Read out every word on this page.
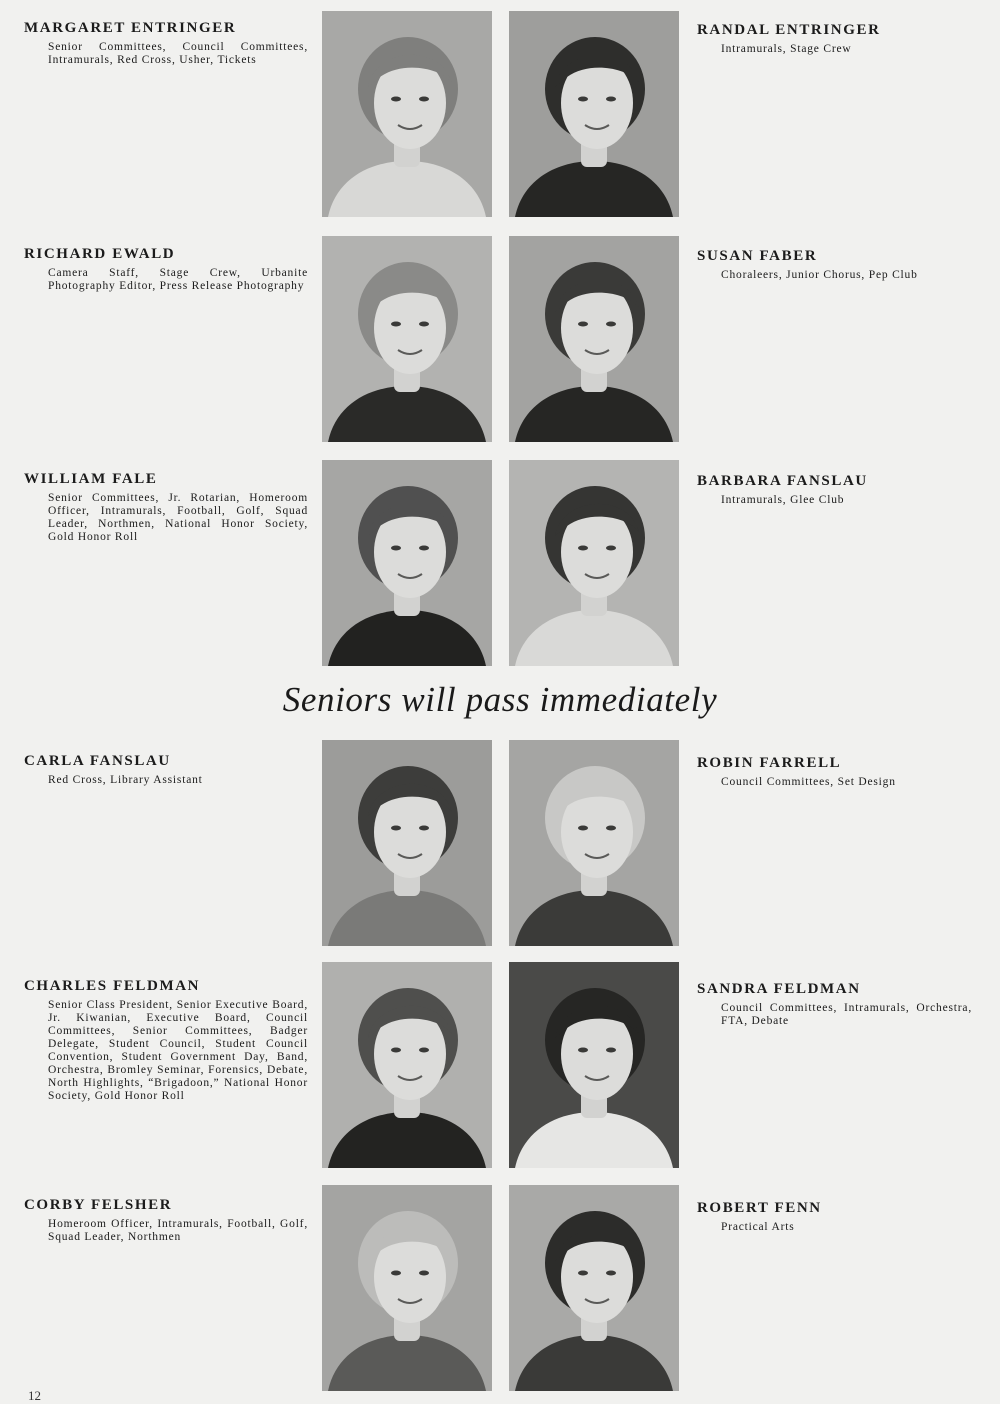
MARGARET ENTRINGER
Senior Committees, Council Committees, Intramurals, Red Cross, Usher, Tickets
RANDAL ENTRINGER
Intramurals, Stage Crew
RICHARD EWALD
Camera Staff, Stage Crew, Urbanite Photography Editor, Press Release Photography
SUSAN FABER
Choraleers, Junior Chorus, Pep Club
WILLIAM FALE
Senior Committees, Jr. Rotarian, Homeroom Officer, Intramurals, Football, Golf, Squad Leader, Northmen, National Honor Society, Gold Honor Roll
BARBARA FANSLAU
Intramurals, Glee Club
Seniors will pass immediately
CARLA FANSLAU
Red Cross, Library Assistant
ROBIN FARRELL
Council Committees, Set Design
CHARLES FELDMAN
Senior Class President, Senior Executive Board, Jr. Kiwanian, Executive Board, Council Committees, Senior Committees, Badger Delegate, Student Council, Student Council Convention, Student Government Day, Band, Orchestra, Bromley Seminar, Forensics, Debate, North Highlights, “Brigadoon,” National Honor Society, Gold Honor Roll
SANDRA FELDMAN
Council Committees, Intramurals, Orchestra, FTA, Debate
CORBY FELSHER
Homeroom Officer, Intramurals, Football, Golf, Squad Leader, Northmen
ROBERT FENN
Practical Arts
12
